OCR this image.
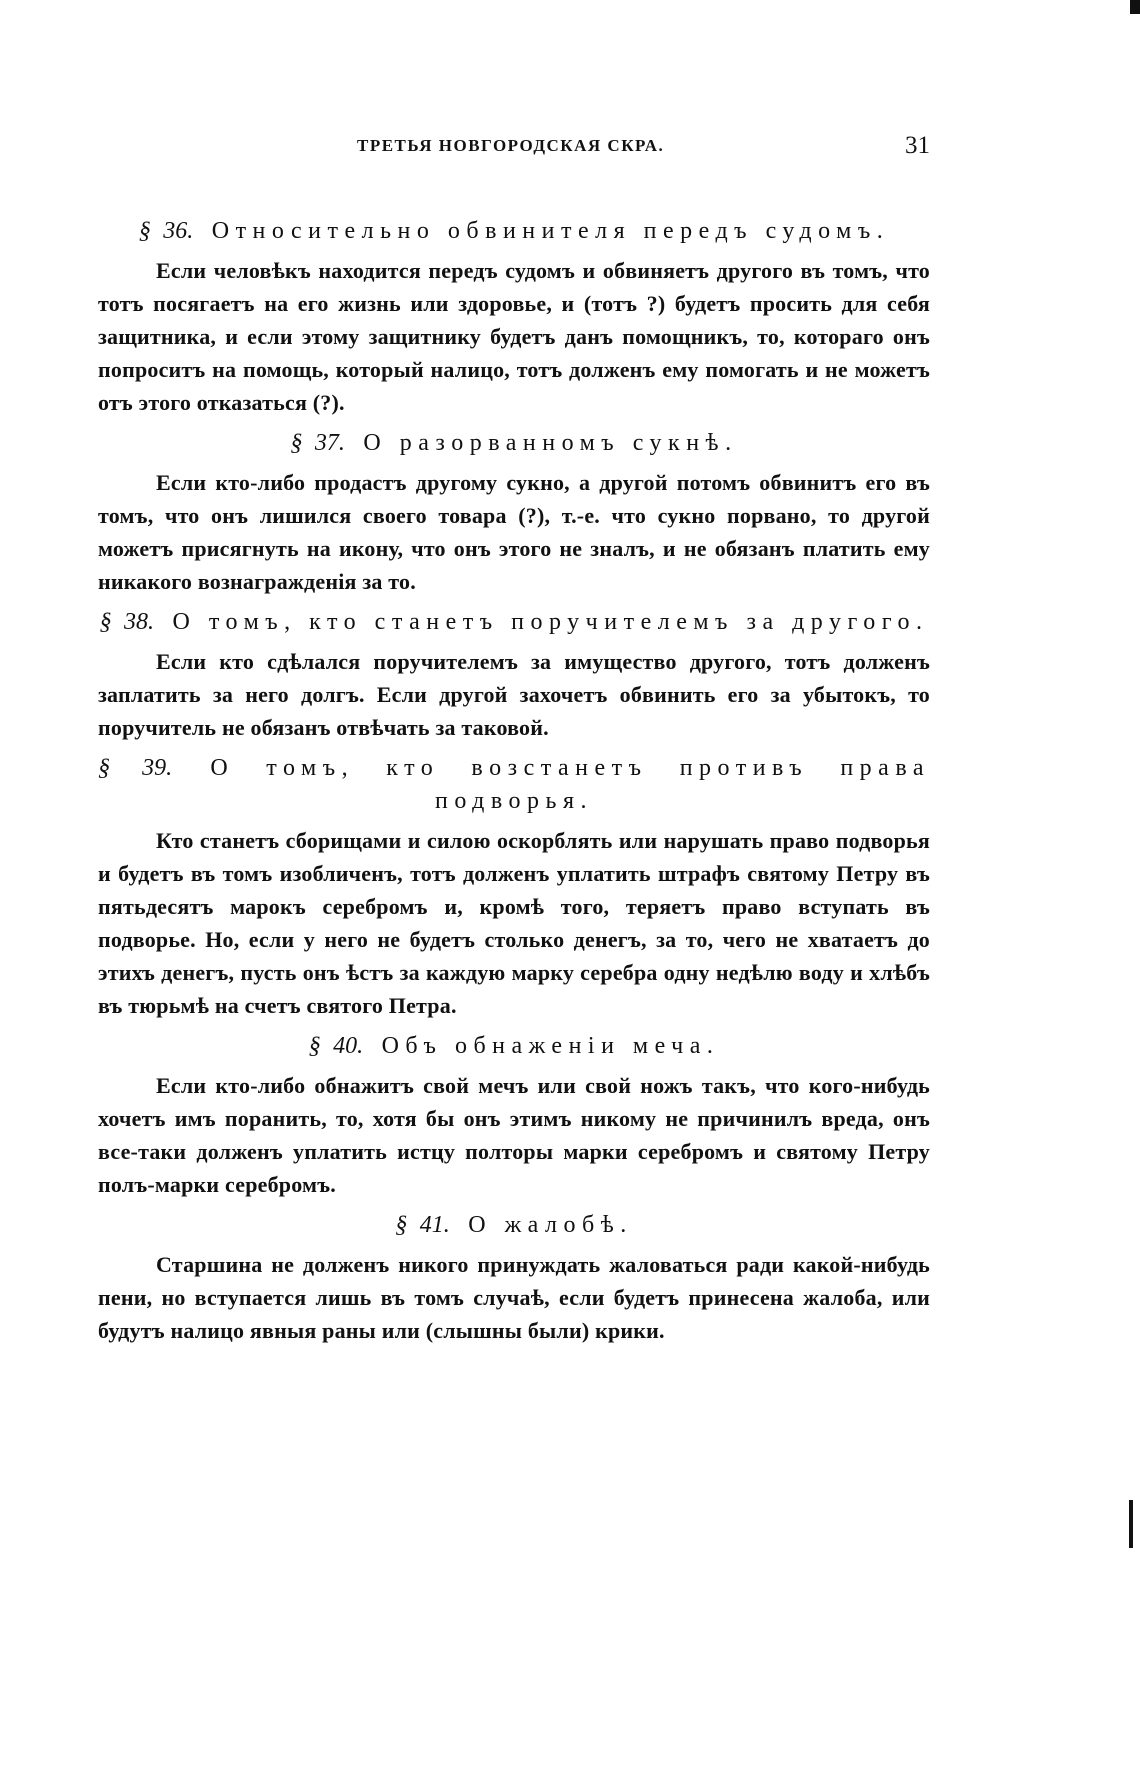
ТРЕТЬЯ НОВГОРОДСКАЯ СКРА.	31
§ 36. Относительно обвинителя передъ судомъ.

Если человѣкъ находится передъ судомъ и обвиняетъ другого въ томъ, что тотъ посягаетъ на его жизнь или здоровье, и (тотъ ?) будетъ просить для себя защитника, и если этому защитнику будетъ данъ помощникъ, то, котораго онъ попроситъ на помощь, который налицо, тотъ долженъ ему помогать и не можетъ отъ этого отказаться (?).

§ 37. О разорванномъ сукнѣ.

Если кто-либо продастъ другому сукно, а другой потомъ обвинитъ его въ томъ, что онъ лишился своего товара (?), т.-е. что сукно порвано, то другой можетъ присягнуть на икону, что онъ этого не зналъ, и не обязанъ платить ему никакого вознагражденія за то.

§ 38. О томъ, кто станетъ поручителемъ за другого.

Если кто сдѣлался поручителемъ за имущество другого, тотъ долженъ заплатить за него долгъ. Если другой захочетъ обвинить его за убытокъ, то поручитель не обязанъ отвѣчать за таковой.

§ 39. О томъ, кто возстанетъ противъ права подворья.

Кто станетъ сборищами и силою оскорблять или нарушать право подворья и будетъ въ томъ изобличенъ, тотъ долженъ уплатить штрафъ святому Петру въ пятьдесятъ марокъ серебромъ и, кромѣ того, теряетъ право вступать въ подворье. Но, если у него не будетъ столько денегъ, за то, чего не хватаетъ до этихъ денегъ, пусть онъ ѣстъ за каждую марку серебра одну недѣлю воду и хлѣбъ въ тюрьмѣ на счетъ святого Петра.

§ 40. Объ обнаженіи меча.

Если кто-либо обнажитъ свой мечъ или свой ножъ такъ, что кого-нибудь хочетъ имъ поранить, то, хотя бы онъ этимъ никому не причинилъ вреда, онъ все-таки долженъ уплатить истцу полторы марки серебромъ и святому Петру полъ-марки серебромъ.

§ 41. О жалобѣ.

Старшина не долженъ никого принуждать жаловаться ради какой-нибудь пени, но вступается лишь въ томъ случаѣ, если будетъ принесена жалоба, или будутъ налицо явныя раны или (слышны были) крики.
